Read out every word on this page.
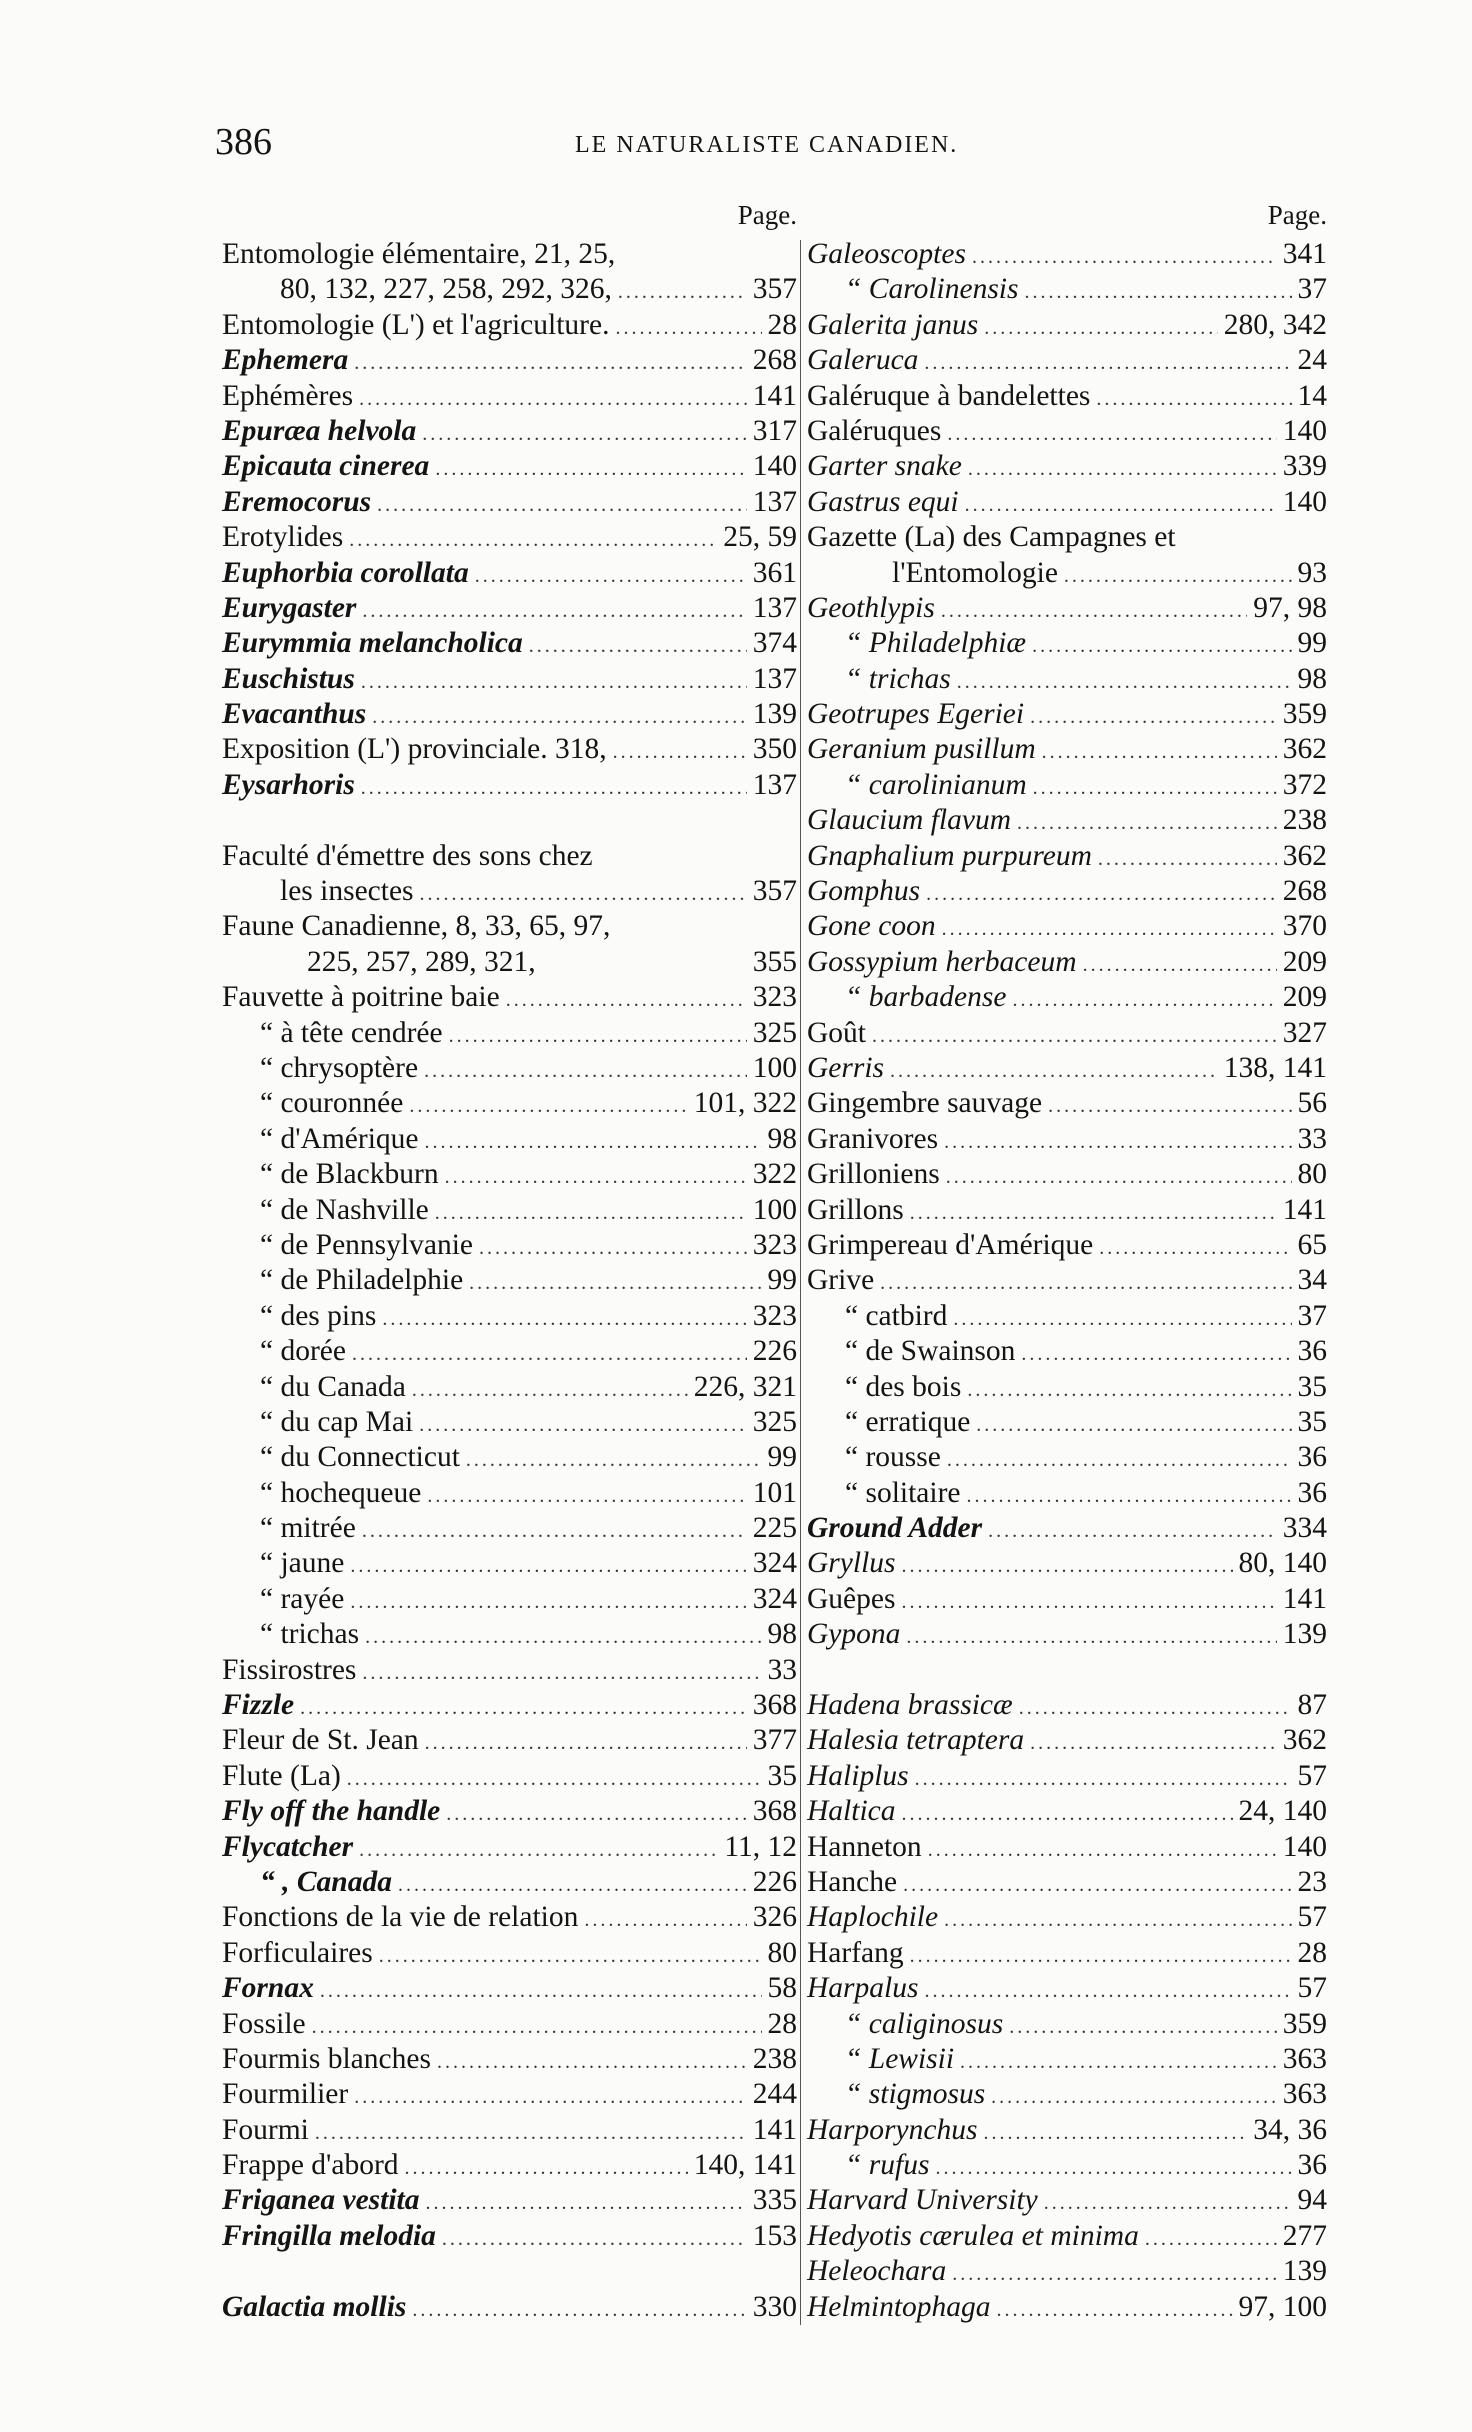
386	LE NATURALISTE CANADIEN.
Page.
Entomologie élémentaire, 21, 25,
80, 132, 227, 258, 292, 326, .....	357
Entomologie (L') et l'agriculture. .....	28
Ephemera .....	268
Ephémères .....	141
Epuræa helvola .....	317
Epicauta cinerea .....	140
Eremocorus .....	137
Erotylides .....	25, 59
Euphorbia corollata .....	361
Eurygaster .....	137
Eurymmia melancholica .....	374
Euschistus .....	137
Evacanthus .....	139
Exposition (L') provinciale. 318, .....	350
Eysarhoris .....	137
Faculté d'émettre des sons chez
les insectes .....	357
Faune Canadienne, 8, 33, 65, 97,
225, 257, 289, 321,	355
Fauvette à poitrine baie .....	323
“ à tête cendrée .....	325
“ chrysoptère .....	100
“ couronnée .....	101, 322
“ d'Amérique .....	98
“ de Blackburn .....	322
“ de Nashville .....	100
“ de Pennsylvanie .....	323
“ de Philadelphie .....	99
“ des pins .....	323
“ dorée .....	226
“ du Canada .....	226, 321
“ du cap Mai .....	325
“ du Connecticut .....	99
“ hochequeue .....	101
“ mitrée .....	225
“ jaune .....	324
“ rayée .....	324
“ trichas .....	98
Fissirostres .....	33
Fizzle .....	368
Fleur de St. Jean .....	377
Flute (La) .....	35
Fly off the handle .....	368
Flycatcher .....	11, 12
“ , Canada .....	226
Fonctions de la vie de relation .....	326
Forficulaires .....	80
Fornax .....	58
Fossile .....	28
Fourmis blanches .....	238
Fourmilier .....	244
Fourmi .....	141
Frappe d'abord .....	140, 141
Friganea vestita .....	335
Fringilla melodia .....	153
Galactia mollis .....	330
Page.
Galeoscoptes .....	341
“ Carolinensis .....	37
Galerita janus .....	280, 342
Galeruca .....	24
Galéruque à bandelettes .....	14
Galéruques .....	140
Garter snake .....	339
Gastrus equi .....	140
Gazette (La) des Campagnes et
l'Entomologie .....	93
Geothlypis .....	97, 98
“ Philadelphiæ .....	99
“ trichas .....	98
Geotrupes Egeriei .....	359
Geranium pusillum .....	362
“ carolinianum .....	372
Glaucium flavum .....	238
Gnaphalium purpureum .....	362
Gomphus .....	268
Gone coon .....	370
Gossypium herbaceum .....	209
“ barbadense .....	209
Goût .....	327
Gerris .....	138, 141
Gingembre sauvage .....	56
Granivores .....	33
Grilloniens .....	80
Grillons .....	141
Grimpereau d'Amérique .....	65
Grive .....	34
“ catbird .....	37
“ de Swainson .....	36
“ des bois .....	35
“ erratique .....	35
“ rousse .....	36
“ solitaire .....	36
Ground Adder .....	334
Gryllus .....	80, 140
Guêpes .....	141
Gypona .....	139
Hadena brassicæ .....	87
Halesia tetraptera .....	362
Haliplus .....	57
Haltica .....	24, 140
Hanneton .....	140
Hanche .....	23
Haplochile .....	57
Harfang .....	28
Harpalus .....	57
“ caliginosus .....	359
“ Lewisii .....	363
“ stigmosus .....	363
Harporynchus .....	34, 36
“ rufus .....	36
Harvard University .....	94
Hedyotis cærulea et minima .....	277
Heleochara .....	139
Helmintophaga .....	97, 100
